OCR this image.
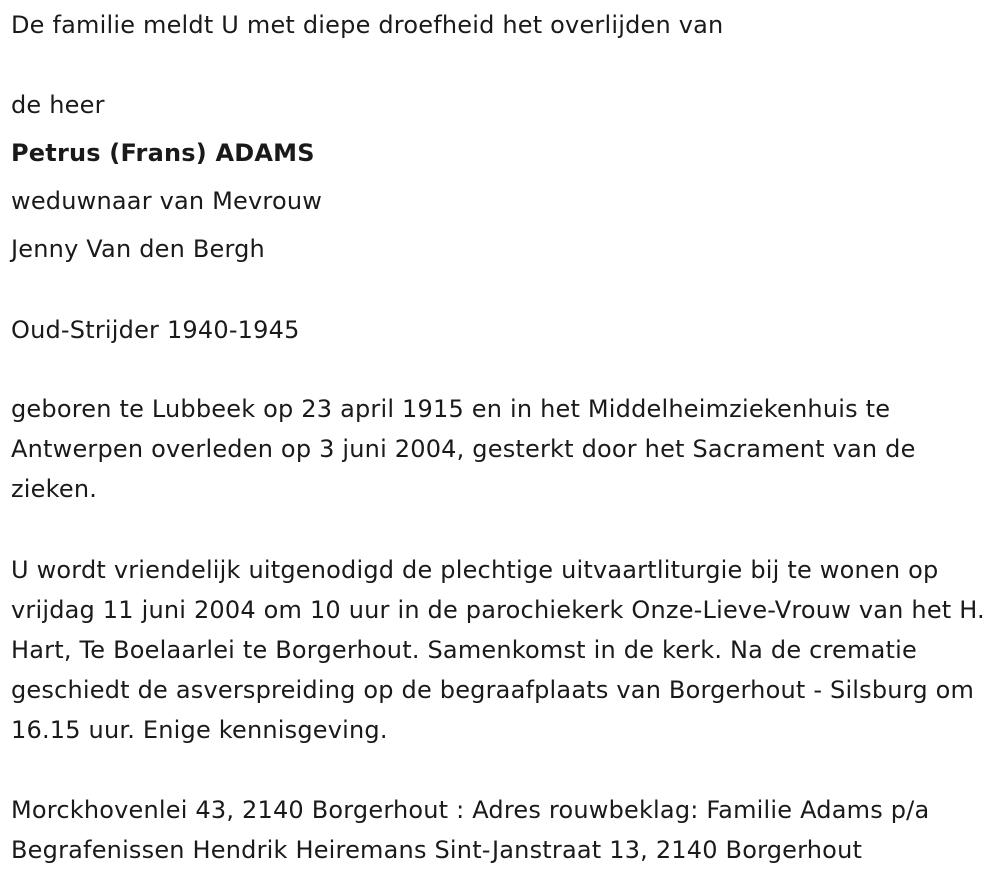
De familie meldt U met diepe droefheid het overlijden van
de heer
Petrus (Frans) ADAMS
weduwnaar van Mevrouw
Jenny Van den Bergh
Oud-Strijder 1940-1945
geboren te Lubbeek op 23 april 1915 en in het Middelheimziekenhuis te Antwerpen overleden op 3 juni 2004, gesterkt door het Sacrament van de zieken.
U wordt vriendelijk uitgenodigd de plechtige uitvaartliturgie bij te wonen op vrijdag 11 juni 2004 om 10 uur in de parochiekerk Onze-Lieve-Vrouw van het H. Hart, Te Boelaarlei te Borgerhout. Samenkomst in de kerk. Na de crematie geschiedt de asverspreiding op de begraafplaats van Borgerhout - Silsburg om 16.15 uur. Enige kennisgeving.
Morckhovenlei 43, 2140 Borgerhout : Adres rouwbeklag: Familie Adams p/a Begrafenissen Hendrik Heiremans Sint-Janstraat 13, 2140 Borgerhout
